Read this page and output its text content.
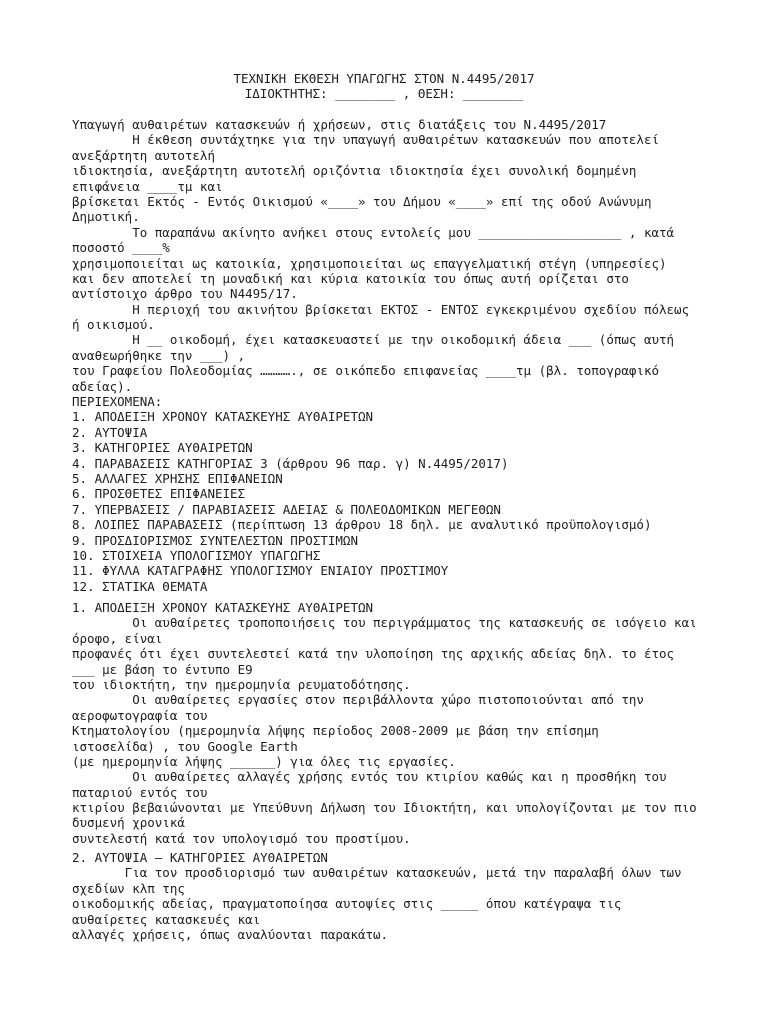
ΤΕΧΝΙΚΗ ΕΚΘΕΣΗ ΥΠΑΓΩΓΗΣ ΣΤΟΝ Ν.4495/2017
ΙΔΙΟΚΤΗΤΗΣ: ________ , ΘΕΣΗ: ________
Υπαγωγή αυθαιρέτων κατασκευών ή χρήσεων, στις διατάξεις του Ν.4495/2017
Η έκθεση συντάχτηκε για την υπαγωγή αυθαιρέτων κατασκευών που αποτελεί
ανεξάρτητη αυτοτελή
ιδιοκτησία, ανεξάρτητη αυτοτελή οριζόντια ιδιοκτησία έχει συνολική δομημένη
επιφάνεια ____τμ και
βρίσκεται Εκτός - Εντός Οικισμού «____» του Δήμου «____» επί της οδού Ανώνυμη
Δημοτική.
Το παραπάνω ακίνητο ανήκει στους εντολείς μου ___________________ , κατά
ποσοστό ____%
χρησιμοποιείται ως κατοικία, χρησιμοποιείται ως επαγγελματική στέγη (υπηρεσίες)
και δεν αποτελεί τη μοναδική και κύρια κατοικία του όπως αυτή ορίζεται στο
αντίστοιχο άρθρο του Ν4495/17.
Η περιοχή του ακινήτου βρίσκεται ΕΚΤΟΣ - ΕΝΤΟΣ εγκεκριμένου σχεδίου πόλεως
ή οικισμού.
Η __ οικοδομή, έχει κατασκευαστεί με την οικοδομική άδεια ___ (όπως αυτή
αναθεωρήθηκε την ___) ,
του Γραφείου Πολεοδομίας …………., σε οικόπεδο επιφανείας ____τμ (βλ. τοπογραφικό
αδείας).
ΠΕΡΙΕΧΟΜΕΝΑ:
1. ΑΠΟΔΕΙΞΗ ΧΡΟΝΟΥ ΚΑΤΑΣΚΕΥΗΣ ΑΥΘΑΙΡΕΤΩΝ
2. ΑΥΤΟΨΙΑ
3. ΚΑΤΗΓΟΡΙΕΣ ΑΥΘΑΙΡΕΤΩΝ
4. ΠΑΡΑΒΑΣΕΙΣ ΚΑΤΗΓΟΡΙΑΣ 3 (άρθρου 96 παρ. γ) Ν.4495/2017)
5. ΑΛΛΑΓΕΣ ΧΡΗΣΗΣ ΕΠΙΦΑΝΕΙΩΝ
6. ΠΡΟΣΘΕΤΕΣ ΕΠΙΦΑΝΕΙΕΣ
7. ΥΠΕΡΒΑΣΕΙΣ / ΠΑΡΑΒΙΑΣΕΙΣ ΑΔΕΙΑΣ & ΠΟΛΕΟΔΟΜΙΚΩΝ ΜΕΓΕΘΩΝ
8. ΛΟΙΠΕΣ ΠΑΡΑΒΑΣΕΙΣ (περίπτωση 13 άρθρου 18 δηλ. με αναλυτικό προϋπολογισμό)
9. ΠΡΟΣΔΙΟΡΙΣΜΟΣ ΣΥΝΤΕΛΕΣΤΩΝ ΠΡΟΣΤΙΜΩΝ
10. ΣΤΟΙΧΕΙΑ ΥΠΟΛΟΓΙΣΜΟΥ ΥΠΑΓΩΓΗΣ
11. ΦΥΛΛΑ ΚΑΤΑΓΡΑΦΗΣ ΥΠΟΛΟΓΙΣΜΟΥ ΕΝΙΑΙΟΥ ΠΡΟΣΤΙΜΟΥ
12. ΣΤΑΤΙΚΑ ΘΕΜΑΤΑ
1. ΑΠΟΔΕΙΞΗ ΧΡΟΝΟΥ ΚΑΤΑΣΚΕΥΗΣ ΑΥΘΑΙΡΕΤΩΝ
Οι αυθαίρετες τροποποιήσεις του περιγράμματος της κατασκευής σε ισόγειο και
όροφο, είναι
προφανές ότι έχει συντελεστεί κατά την υλοποίηση της αρχικής αδείας δηλ. το έτος
___ με βάση το έντυπο Ε9
του ιδιοκτήτη, την ημερομηνία ρευματοδότησης.
Οι αυθαίρετες εργασίες στον περιβάλλοντα χώρο πιστοποιούνται από την
αεροφωτογραφία του
Κτηματολογίου (ημερομηνία λήψης περίοδος 2008-2009 με βάση την επίσημη
ιστοσελίδα) , του Google Earth
(με ημερομηνία λήψης ______) για όλες τις εργασίες.
Οι αυθαίρετες αλλαγές χρήσης εντός του κτιρίου καθώς και η προσθήκη του
παταριού εντός του
κτιρίου βεβαιώνονται με Υπεύθυνη Δήλωση του Ιδιοκτήτη, και υπολογίζονται με τον πιο
δυσμενή χρονικά
συντελεστή κατά τον υπολογισμό του προστίμου.
2. ΑΥΤΟΨΙΑ – ΚΑΤΗΓΟΡΙΕΣ ΑΥΘΑΙΡΕΤΩΝ
Για τον προσδιορισμό των αυθαιρέτων κατασκευών, μετά την παραλαβή όλων των
σχεδίων κλπ της
οικοδομικής αδείας, πραγματοποίησα αυτοψίες στις _____ όπου κατέγραψα τις
αυθαίρετες κατασκευές και
αλλαγές χρήσεις, όπως αναλύονται παρακάτω.
